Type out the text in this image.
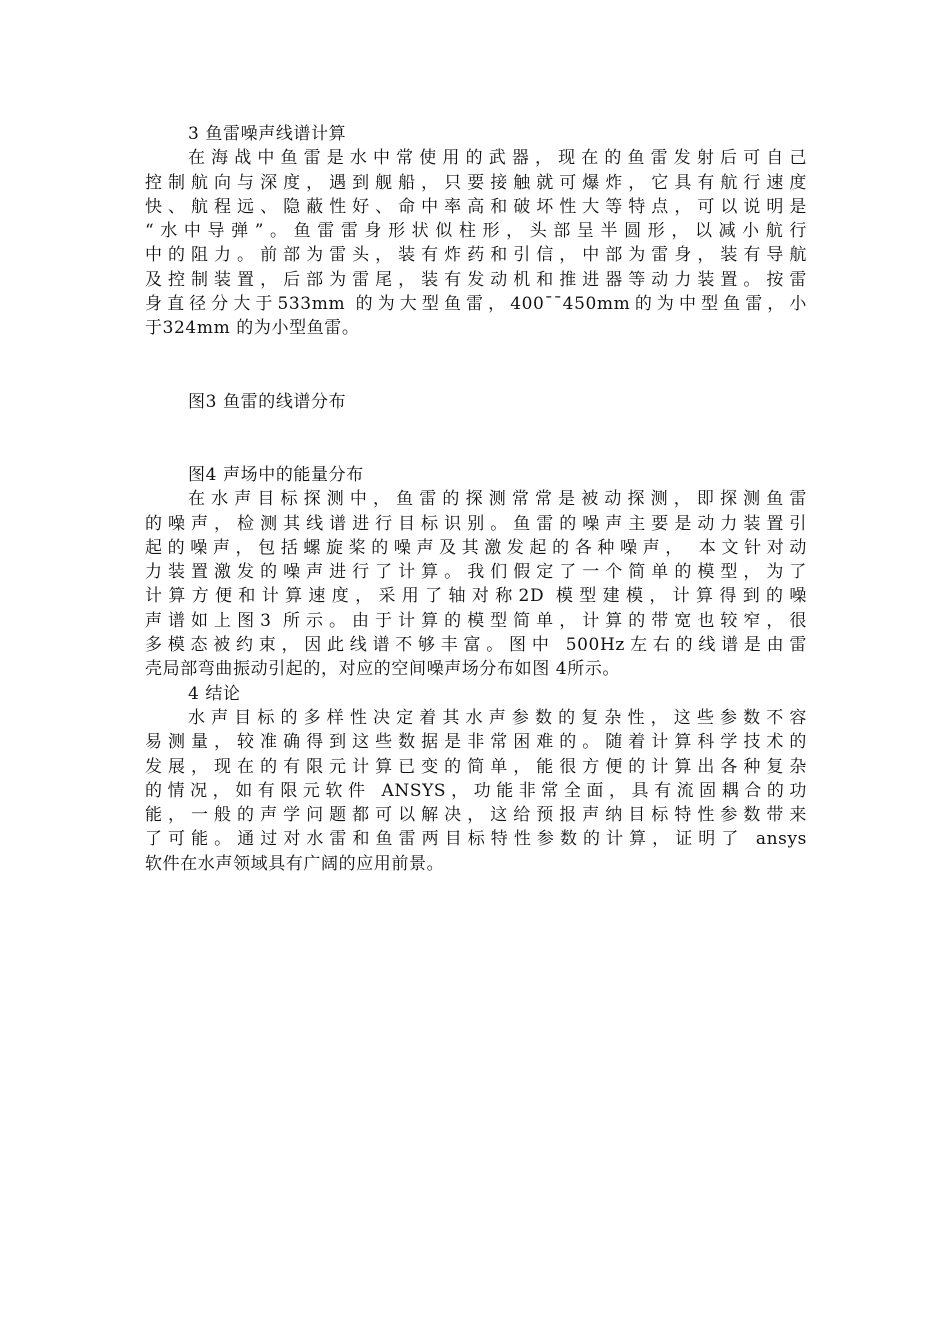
3 鱼雷噪声线谱计算
在海战中鱼雷是水中常使用的武器，现在的鱼雷发射后可自己
控制航向与深度，遇到舰船，只要接触就可爆炸，它具有航行速度
快、航程远、隐蔽性好、命中率高和破坏性大等特点，可以说明是
“水中导弹”。鱼雷雷身形状似柱形，头部呈半圆形，以减小航行
中的阻力。前部为雷头，装有炸药和引信，中部为雷身，装有导航
及控制装置，后部为雷尾，装有发动机和推进器等动力装置。按雷
身直径分大于533mm 的为大型鱼雷，400¯¯450mm的为中型鱼雷，小
于324mm 的为小型鱼雷。
图3 鱼雷的线谱分布
图4 声场中的能量分布
在水声目标探测中，鱼雷的探测常常是被动探测，即探测鱼雷
的噪声，检测其线谱进行目标识别。鱼雷的噪声主要是动力装置引
起的噪声，包括螺旋桨的噪声及其激发起的各种噪声， 本文针对动
力装置激发的噪声进行了计算。我们假定了一个简单的模型，为了
计算方便和计算速度，采用了轴对称2D 模型建模，计算得到的噪
声谱如上图3 所示。由于计算的模型简单，计算的带宽也较窄，很
多模态被约束，因此线谱不够丰富。图中 500Hz左右的线谱是由雷
壳局部弯曲振动引起的，对应的空间噪声场分布如图 4所示。
4 结论
水声目标的多样性决定着其水声参数的复杂性，这些参数不容
易测量，较准确得到这些数据是非常困难的。随着计算科学技术的
发展，现在的有限元计算已变的简单，能很方便的计算出各种复杂
的情况，如有限元软件 ANSYS，功能非常全面，具有流固耦合的功
能，一般的声学问题都可以解决，这给预报声纳目标特性参数带来
了可能。通过对水雷和鱼雷两目标特性参数的计算，证明了 ansys
软件在水声领域具有广阔的应用前景。
